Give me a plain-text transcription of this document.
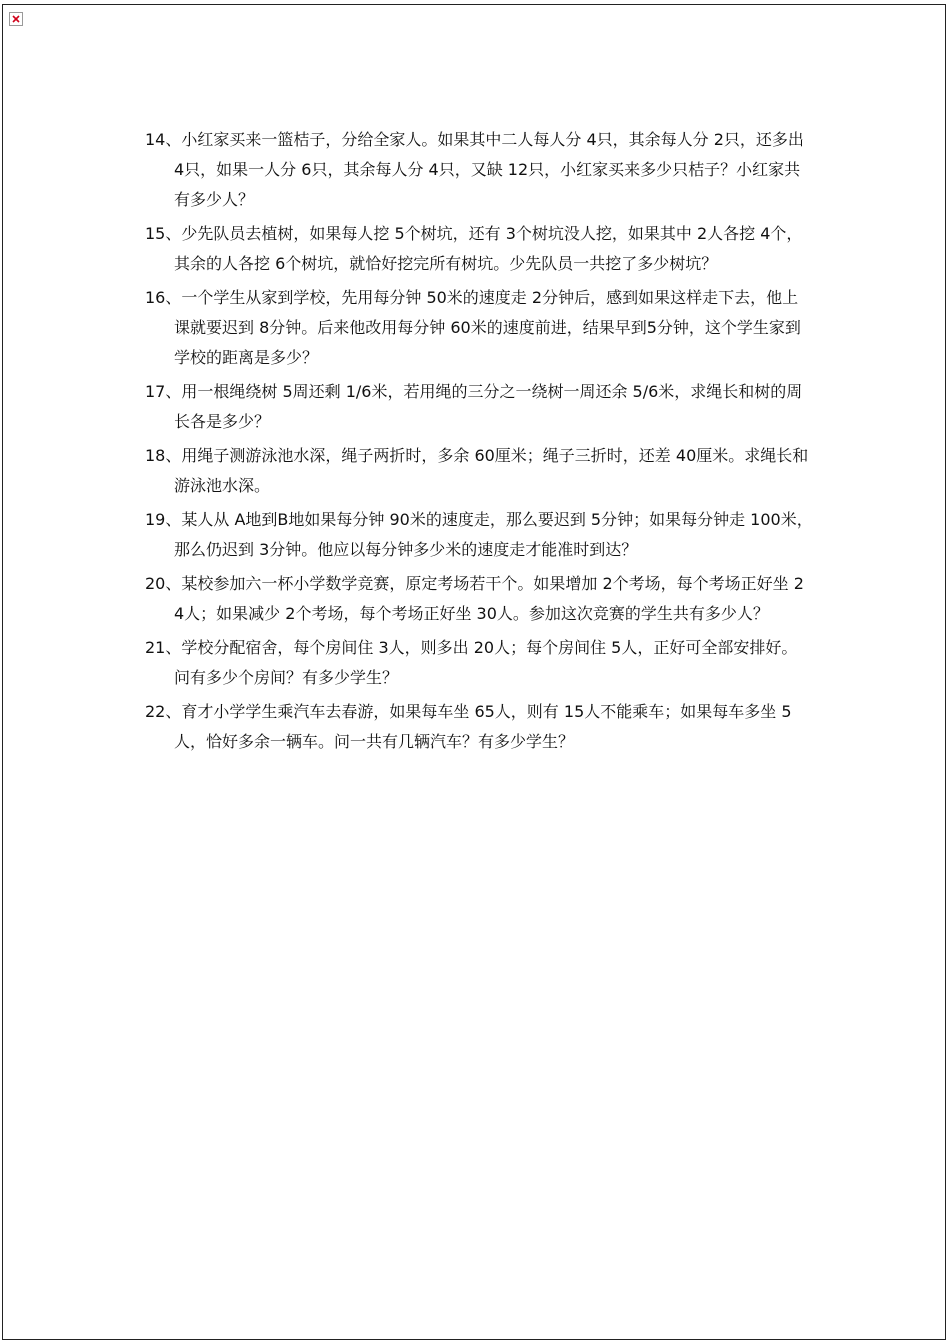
14、小红家买来一篮桔子，分给全家人。如果其中二人每人分 4只，其余每人分 2只，还多出 4只，如果一人分 6只，其余每人分 4只，又缺 12只，小红家买来多少只桔子？小红家共有多少人？
15、少先队员去植树，如果每人挖 5个树坑，还有 3个树坑没人挖，如果其中 2人各挖 4个，其余的人各挖 6个树坑，就恰好挖完所有树坑。少先队员一共挖了多少树坑？
16、一个学生从家到学校，先用每分钟 50米的速度走 2分钟后，感到如果这样走下去，他上课就要迟到 8分钟。后来他改用每分钟 60米的速度前进，结果早到5分钟，这个学生家到学校的距离是多少？
17、用一根绳绕树 5周还剩 1/6米，若用绳的三分之一绕树一周还余 5/6米，求绳长和树的周长各是多少？
18、用绳子测游泳池水深，绳子两折时，多余 60厘米；绳子三折时，还差 40厘米。求绳长和游泳池水深。
19、某人从 A地到B地如果每分钟 90米的速度走，那么要迟到 5分钟；如果每分钟走 100米，那么仍迟到 3分钟。他应以每分钟多少米的速度走才能准时到达？
20、某校参加六一杯小学数学竞赛，原定考场若干个。如果增加 2个考场，每个考场正好坐 24人；如果减少 2个考场，每个考场正好坐 30人。参加这次竞赛的学生共有多少人？
21、学校分配宿舍，每个房间住 3人，则多出 20人；每个房间住 5人，正好可全部安排好。问有多少个房间？有多少学生？
22、育才小学学生乘汽车去春游，如果每车坐 65人，则有 15人不能乘车；如果每车多坐 5人，恰好多余一辆车。问一共有几辆汽车？有多少学生？
